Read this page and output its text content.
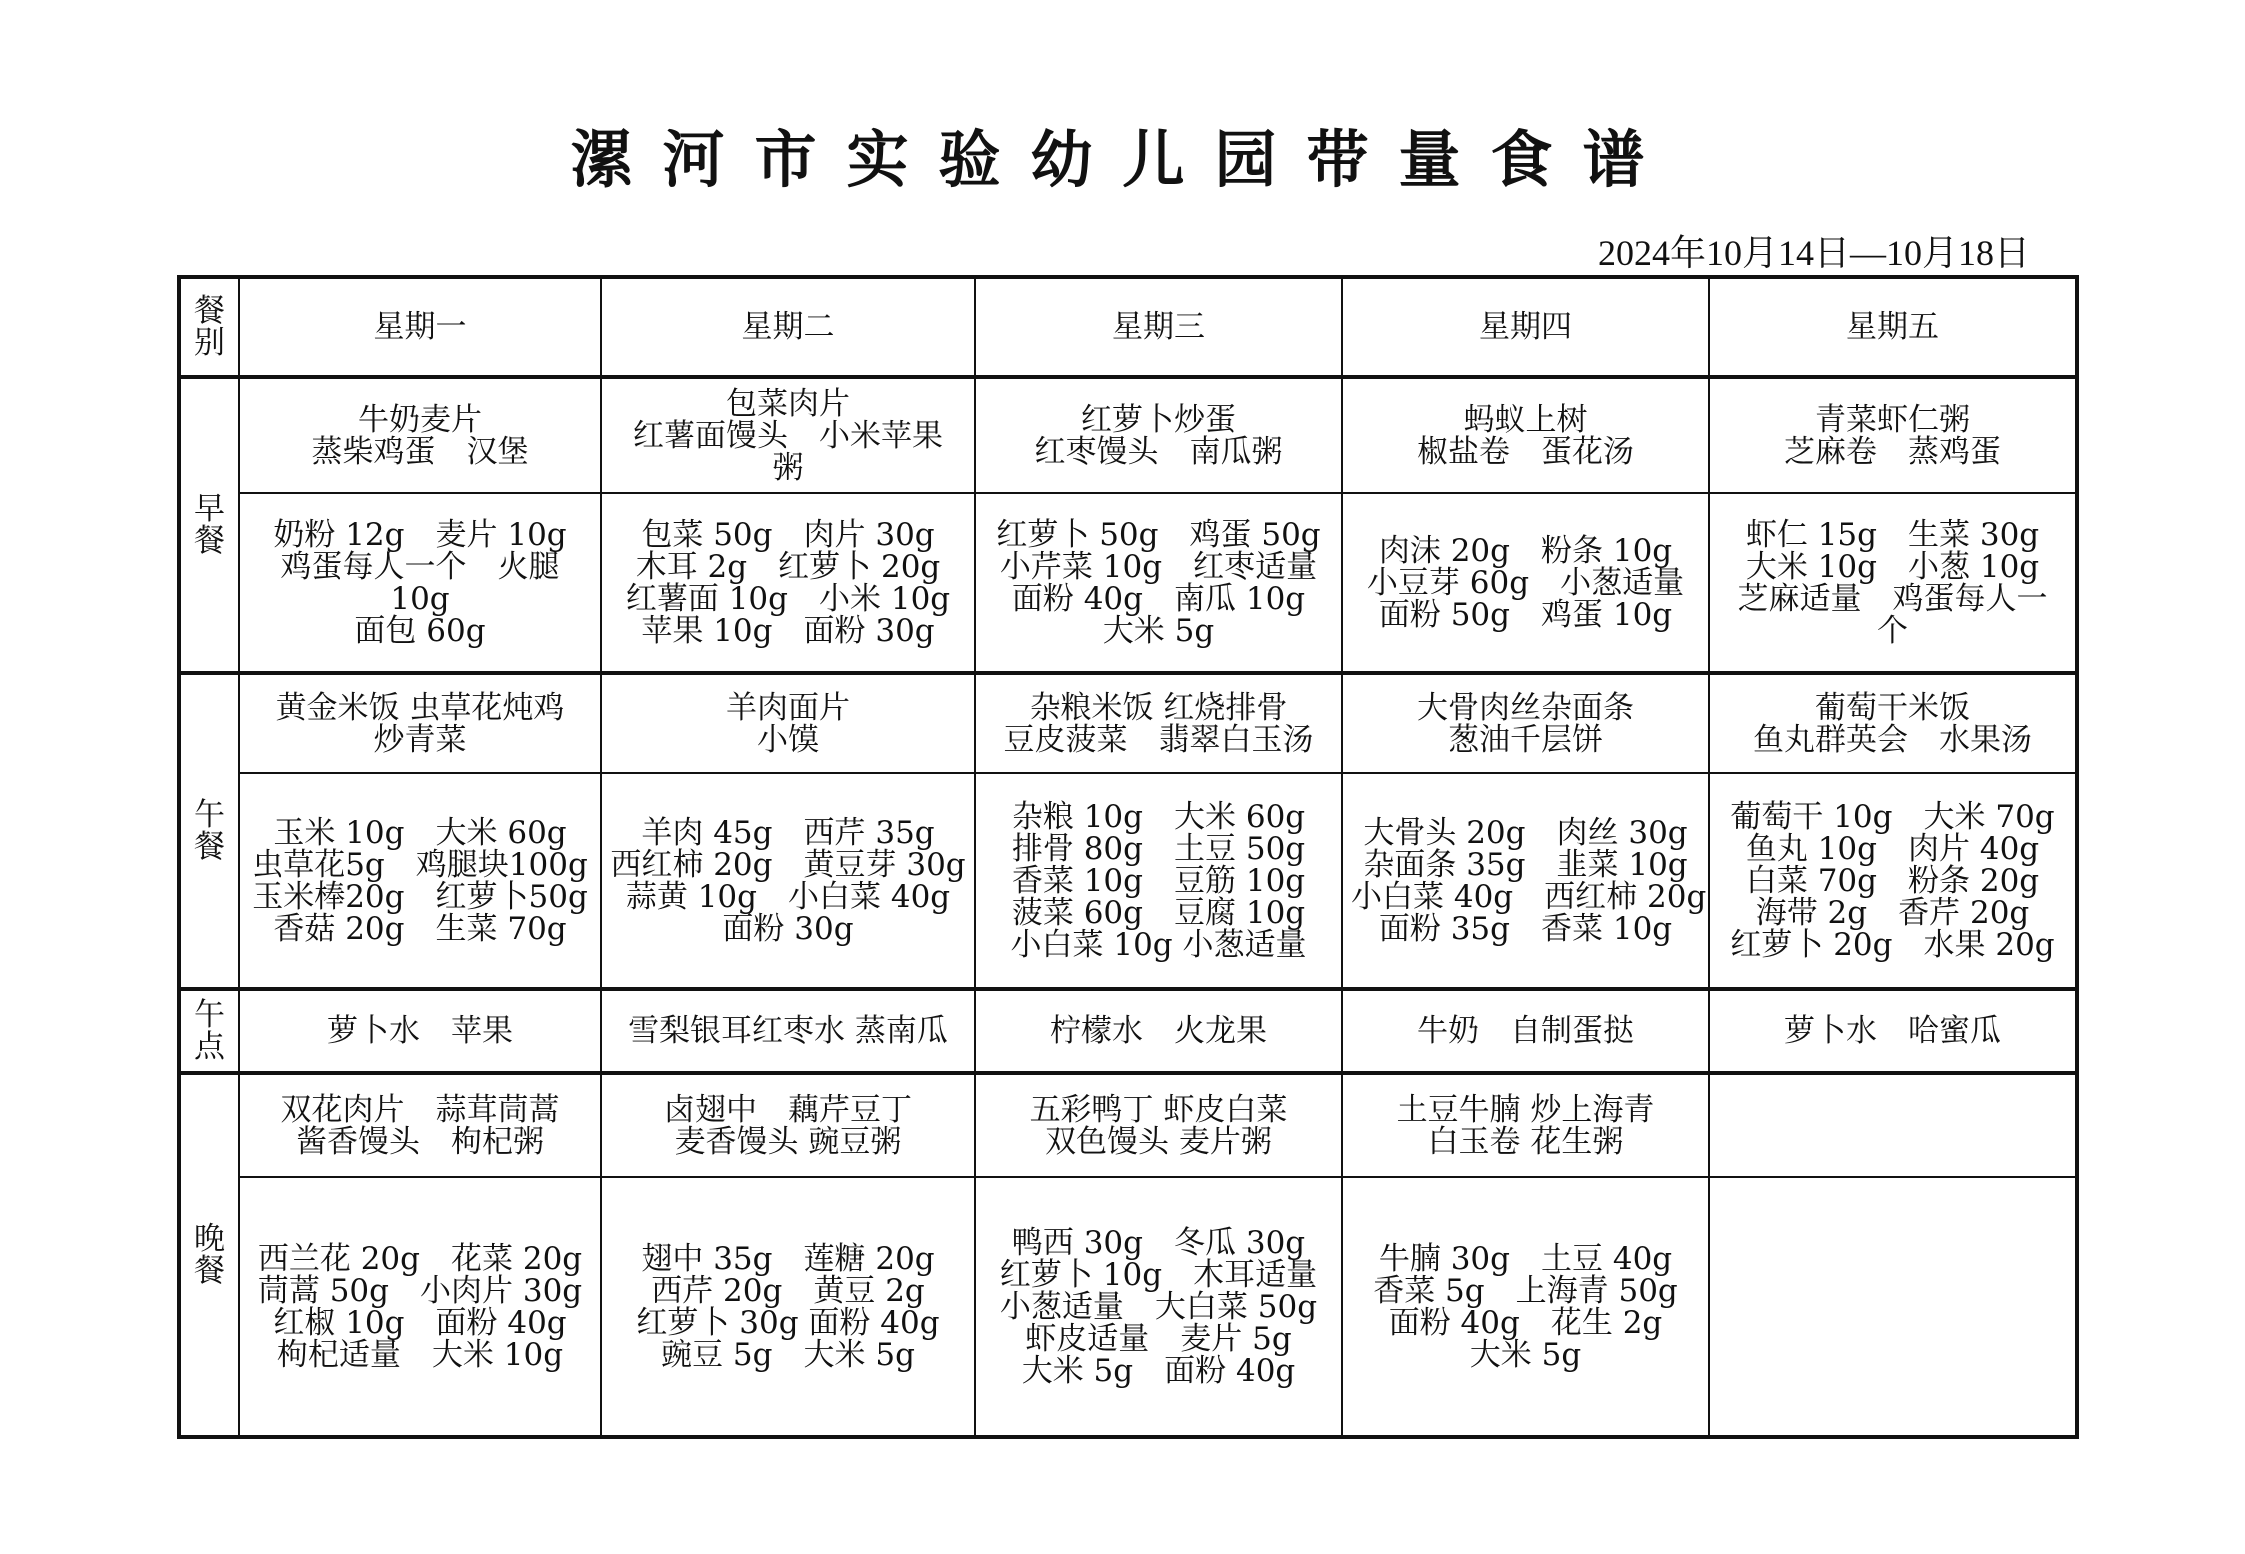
漯河市实验幼儿园带量食谱
2024年10月14日—10月18日
餐
别	星期一	星期二	星期三	星期四	星期五

早
餐	牛奶麦片
蒸柴鸡蛋　汉堡	包菜肉片
红薯面馒头　小米苹果
粥	红萝卜炒蛋
红枣馒头　南瓜粥	蚂蚁上树
椒盐卷　蛋花汤	青菜虾仁粥
芝麻卷　蒸鸡蛋

	奶粉 12g　麦片 10g
鸡蛋每人一个　火腿
10g
面包 60g	包菜 50g　肉片 30g
木耳 2g　红萝卜 20g
红薯面 10g　小米 10g
苹果 10g　面粉 30g	红萝卜 50g　鸡蛋 50g
小芹菜 10g　红枣适量
面粉 40g　南瓜 10g
大米 5g	肉沫 20g　粉条 10g
小豆芽 60g　小葱适量
面粉 50g　鸡蛋 10g	虾仁 15g　生菜 30g
大米 10g　小葱 10g
芝麻适量　鸡蛋每人一
个

午
餐	黄金米饭 虫草花炖鸡
炒青菜	羊肉面片
小馍	杂粮米饭 红烧排骨
豆皮菠菜　翡翠白玉汤	大骨肉丝杂面条
葱油千层饼	葡萄干米饭
鱼丸群英会　水果汤

	玉米 10g　大米 60g
虫草花5g　鸡腿块100g
玉米棒20g　红萝卜50g
香菇 20g　生菜 70g	羊肉 45g　西芹 35g
西红柿 20g　黄豆芽 30g
蒜黄 10g　小白菜 40g
面粉 30g	杂粮 10g　大米 60g
排骨 80g　土豆 50g
香菜 10g　豆筋 10g
菠菜 60g　豆腐 10g
小白菜 10g 小葱适量	大骨头 20g　肉丝 30g
杂面条 35g　韭菜 10g
小白菜 40g　西红柿 20g
面粉 35g　香菜 10g	葡萄干 10g　大米 70g
鱼丸 10g　肉片 40g
白菜 70g　粉条 20g
海带 2g　香芹 20g
红萝卜 20g　水果 20g

午
点	萝卜水　苹果	雪梨银耳红枣水 蒸南瓜	柠檬水　火龙果	牛奶　自制蛋挞	萝卜水　哈蜜瓜

晚
餐	双花肉片　蒜茸茼蒿
酱香馒头　枸杞粥	卤翅中　藕芹豆丁
麦香馒头 豌豆粥	五彩鸭丁 虾皮白菜
双色馒头 麦片粥	土豆牛腩 炒上海青
白玉卷 花生粥	

	西兰花 20g　花菜 20g
茼蒿 50g　小肉片 30g
红椒 10g　面粉 40g
枸杞适量　大米 10g	翅中 35g　莲糖 20g
西芹 20g　黄豆 2g
红萝卜 30g 面粉 40g
豌豆 5g　大米 5g	鸭西 30g　冬瓜 30g
红萝卜 10g　木耳适量
小葱适量　大白菜 50g
虾皮适量　麦片 5g
大米 5g　面粉 40g	牛腩 30g　土豆 40g
香菜 5g　上海青 50g
面粉 40g　花生 2g
大米 5g	
